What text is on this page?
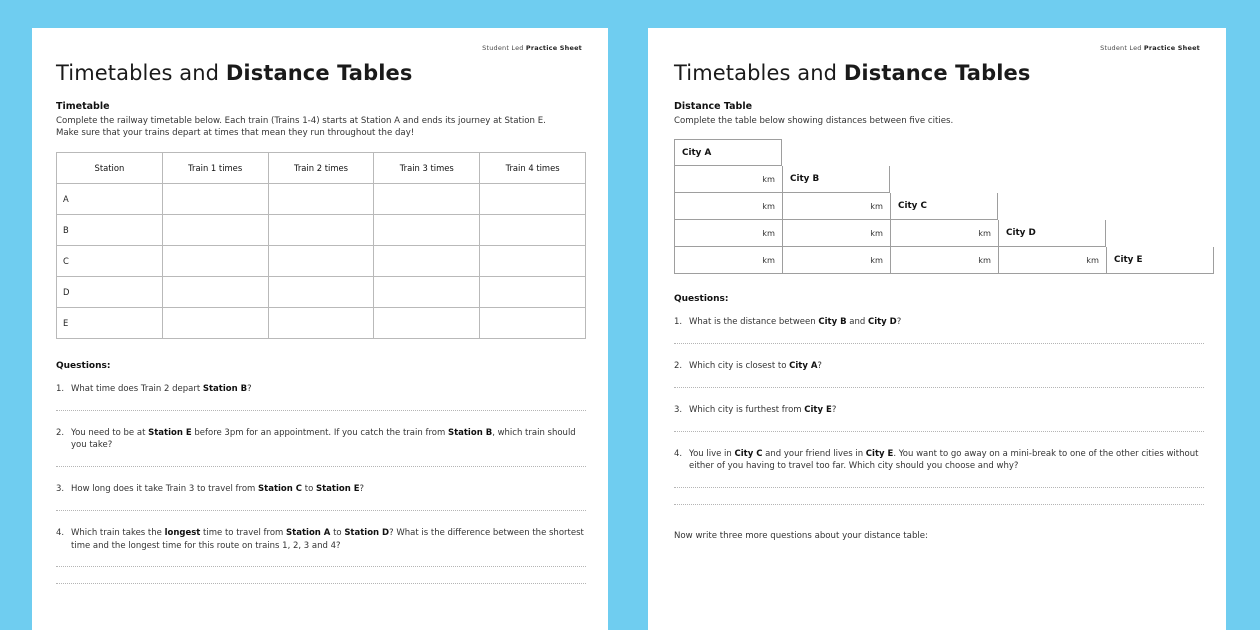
Student Led Practice Sheet
Timetables and Distance Tables
Timetable
Complete the railway timetable below. Each train (Trains 1-4) starts at Station A and ends its journey at Station E. Make sure that your trains depart at times that mean they run throughout the day!
Station	Train 1 times	Train 2 times	Train 3 times	Train 4 times
A				
B				
C				
D				
E				
Questions:
1. What time does Train 2 depart Station B?
2. You need to be at Station E before 3pm for an appointment. If you catch the train from Station B, which train should you take?
3. How long does it take Train 3 to travel from Station C to Station E?
4. Which train takes the longest time to travel from Station A to Station D? What is the difference between the shortest time and the longest time for this route on trains 1, 2, 3 and 4?
Student Led Practice Sheet
Timetables and Distance Tables
Distance Table
Complete the table below showing distances between five cities.
City A
km	City B
km	km	City C
km	km	km	City D
km	km	km	km	City E
Questions:
1. What is the distance between City B and City D?
2. Which city is closest to City A?
3. Which city is furthest from City E?
4. You live in City C and your friend lives in City E. You want to go away on a mini-break to one of the other cities without either of you having to travel too far. Which city should you choose and why?
Now write three more questions about your distance table:
